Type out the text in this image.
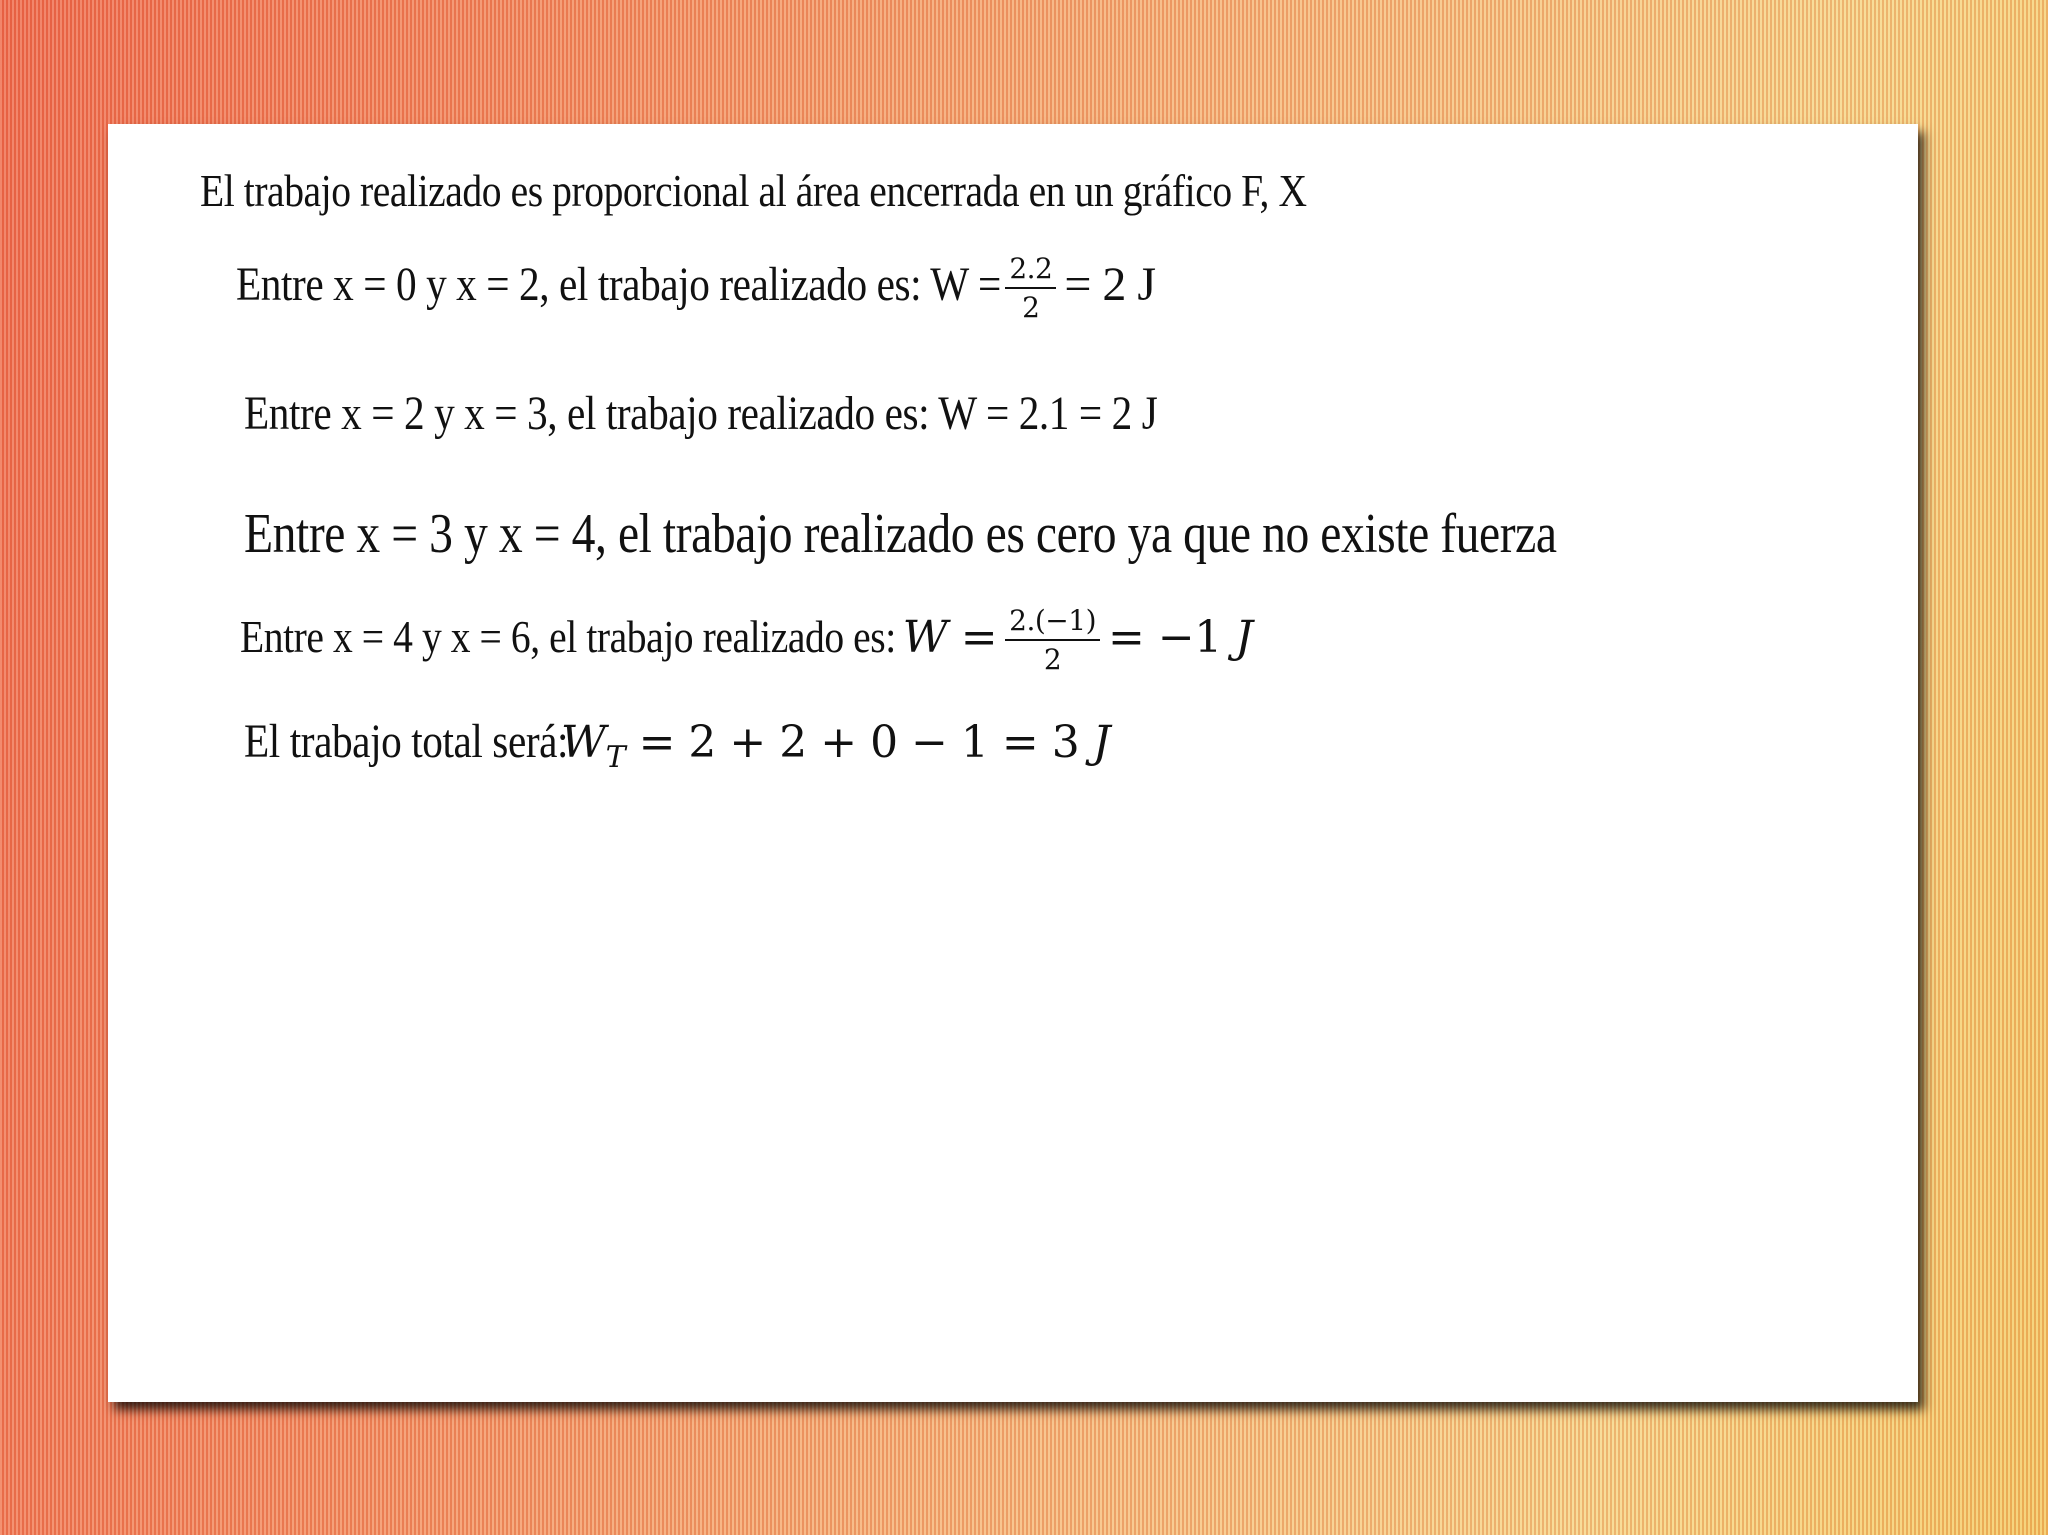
El trabajo realizado es proporcional al área encerrada en un gráfico F, X
Entre x = 0 y x = 2, el trabajo realizado es: $W = \frac{2.2}{2} = 2$ J
Entre x = 2 y x = 3, el trabajo realizado es: W = 2.1 = 2 J
Entre x = 3 y x = 4, el trabajo realizado es cero ya que no existe fuerza
Entre x = 4 y x = 6, el trabajo realizado es:W = $\frac{2.(-1)}{2} = -1$ J
El trabajo total $será:W_T = 2 + 2 + 0 - 1 = 3$ J
